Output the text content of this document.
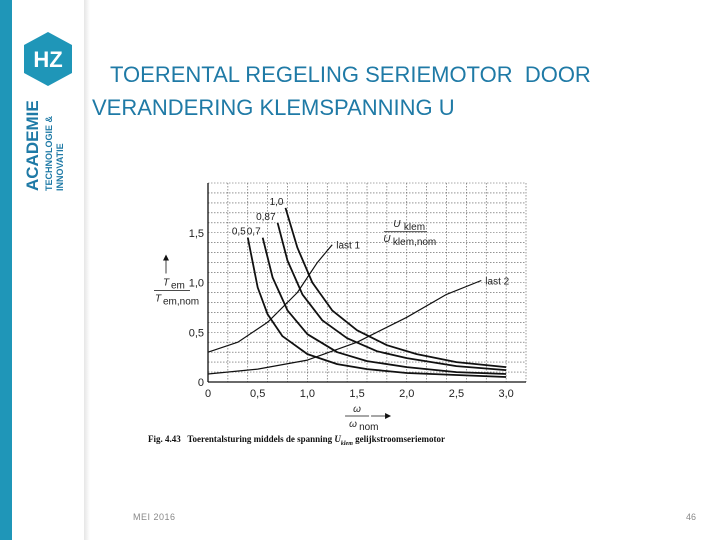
HZ
ACADEMIE TECHNOLOGIE & INNOVATIE
TOERENTAL REGELING SERIEMOTOR  DOOR
VERANDERING KLEMSPANNING U
0	0,5	1,0	1,5	2,0	2,5	3,0
0
0,5
1,0
1,5	0,5 0,7
0,87
1,0
last 1
last 2
U klem
U klem,nom
T em
T em,nom
ω
ω nom
Fig. 4.43 Toerentalsturing middels de spanning $U_{klem}$ gelijkstroomseriemotor
MEI 2016	46
